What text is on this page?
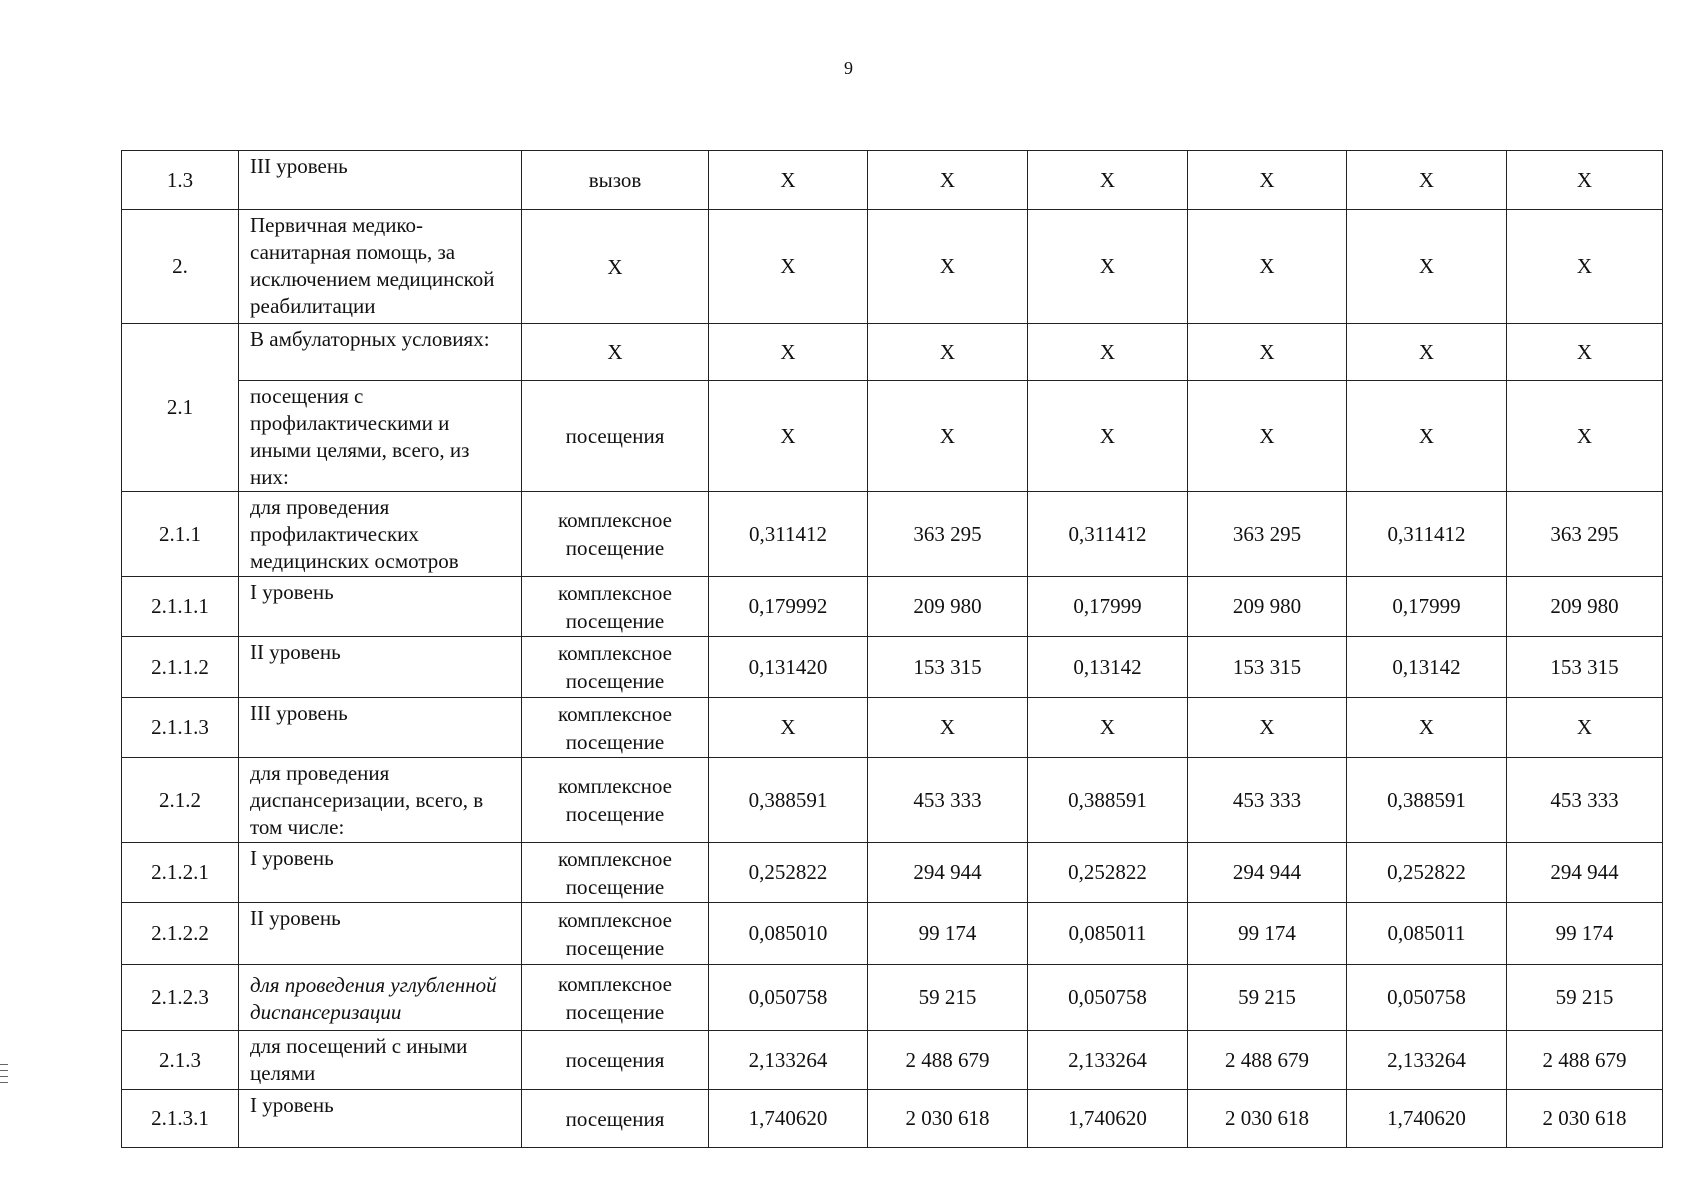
9
1.3	III уровень	вызов	Х	Х	Х	Х	Х	Х
2.	Первичная медико-санитарная помощь, за исключением медицинской реабилитации	Х	Х	Х	Х	Х	Х	Х
2.1	В амбулаторных условиях:	Х	Х	Х	Х	Х	Х	Х
	посещения с профилактическими и иными целями, всего, из них:	посещения	Х	Х	Х	Х	Х	Х
2.1.1	для проведения профилактических медицинских осмотров	комплексное посещение	0,311412	363 295	0,311412	363 295	0,311412	363 295
2.1.1.1	I уровень	комплексное посещение	0,179992	209 980	0,17999	209 980	0,17999	209 980
2.1.1.2	II уровень	комплексное посещение	0,131420	153 315	0,13142	153 315	0,13142	153 315
2.1.1.3	III уровень	комплексное посещение	Х	Х	Х	Х	Х	Х
2.1.2	для проведения диспансеризации, всего, в том числе:	комплексное посещение	0,388591	453 333	0,388591	453 333	0,388591	453 333
2.1.2.1	I уровень	комплексное посещение	0,252822	294 944	0,252822	294 944	0,252822	294 944
2.1.2.2	II уровень	комплексное посещение	0,085010	99 174	0,085011	99 174	0,085011	99 174
2.1.2.3	для проведения углубленной диспансеризации	комплексное посещение	0,050758	59 215	0,050758	59 215	0,050758	59 215
2.1.3	для посещений с иными целями	посещения	2,133264	2 488 679	2,133264	2 488 679	2,133264	2 488 679
2.1.3.1	I уровень	посещения	1,740620	2 030 618	1,740620	2 030 618	1,740620	2 030 618
